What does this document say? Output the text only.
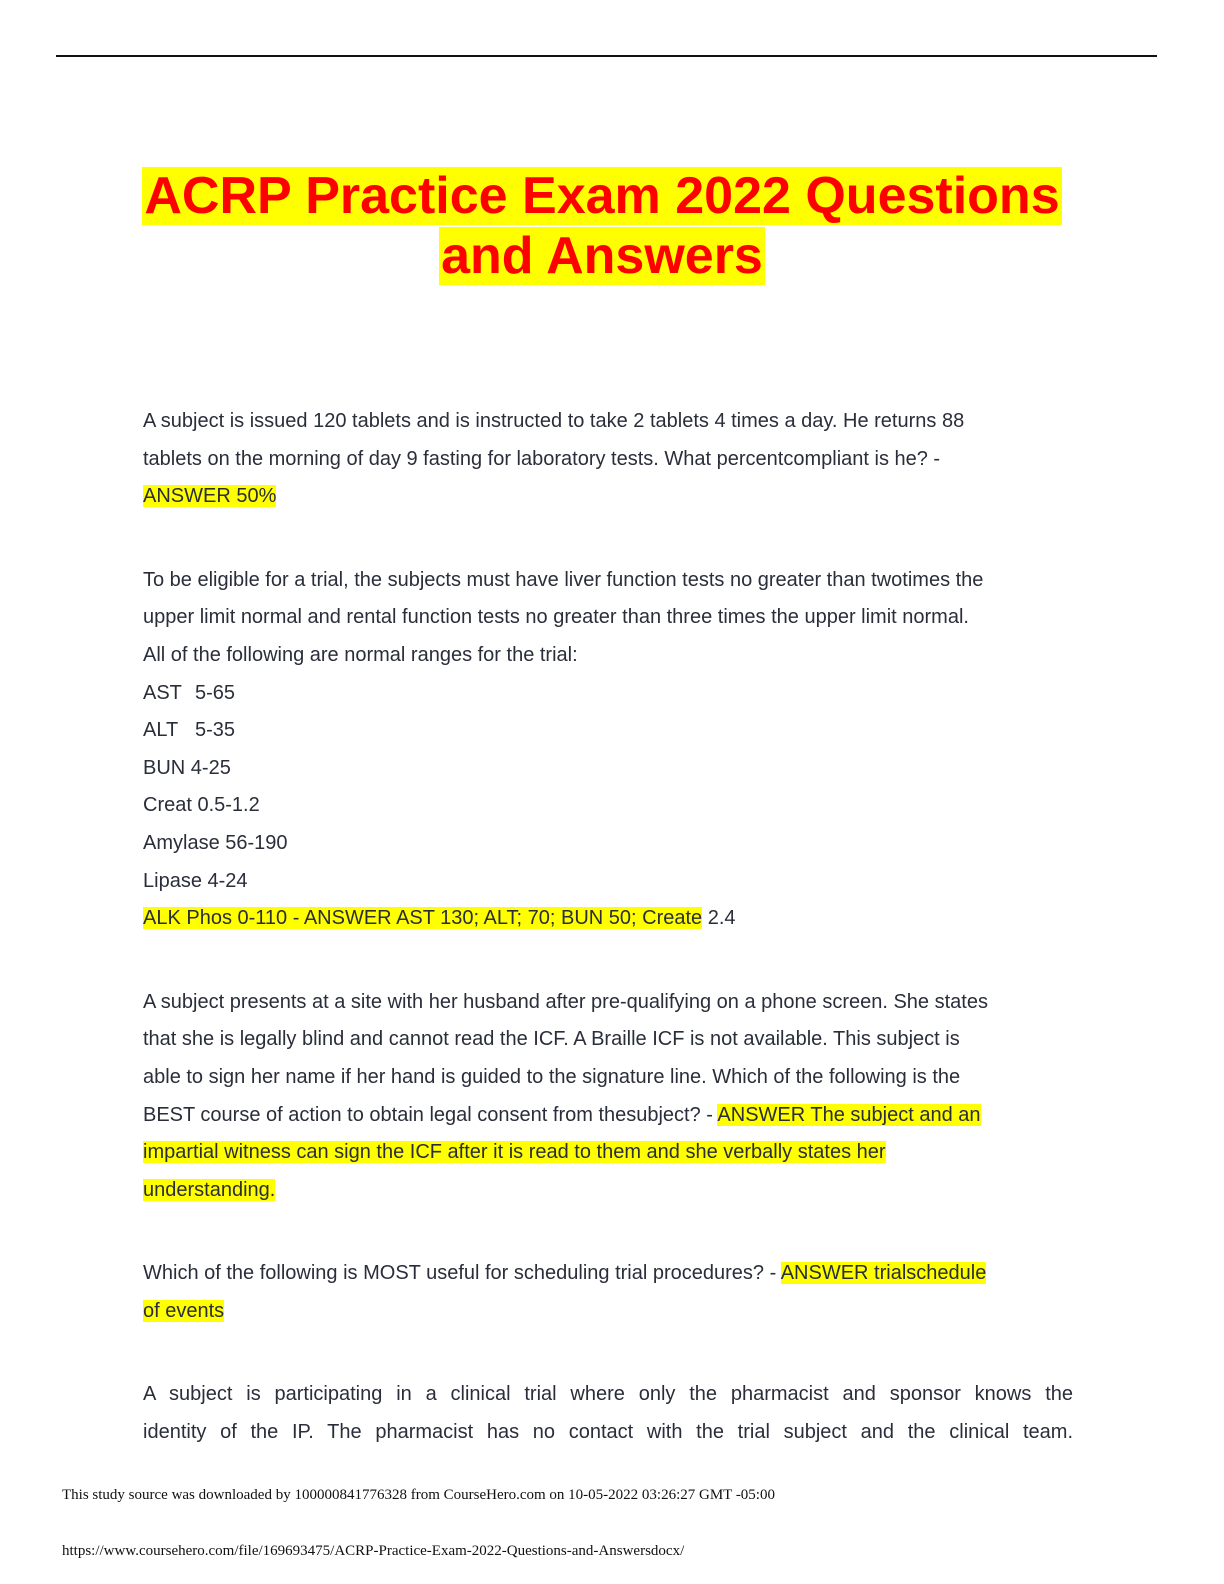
ACRP Practice Exam 2022 Questions
and Answers
A subject is issued 120 tablets and is instructed to take 2 tablets 4 times a day. He returns 88
tablets on the morning of day 9 fasting for laboratory tests. What percentcompliant is he? -
ANSWER 50%
To be eligible for a trial, the subjects must have liver function tests no greater than twotimes the
upper limit normal and rental function tests no greater than three times the upper limit normal.
All of the following are normal ranges for the trial:
AST 5-65
ALT 5-35
BUN 4-25
Creat 0.5-1.2
Amylase 56-190
Lipase 4-24
ALK Phos 0-110 - ANSWER AST 130; ALT; 70; BUN 50; Create 2.4
A subject presents at a site with her husband after pre-qualifying on a phone screen. She states
that she is legally blind and cannot read the ICF. A Braille ICF is not available. This subject is
able to sign her name if her hand is guided to the signature line. Which of the following is the
BEST course of action to obtain legal consent from thesubject? - ANSWER The subject and an
impartial witness can sign the ICF after it is read to them and she verbally states her
understanding.
Which of the following is MOST useful for scheduling trial procedures? - ANSWER trialschedule
of events
A subject is participating in a clinical trial where only the pharmacist and sponsor knows the
identity of the IP. The pharmacist has no contact with the trial subject and the clinical team.
This study source was downloaded by 100000841776328 from CourseHero.com on 10-05-2022 03:26:27 GMT -05:00
https://www.coursehero.com/file/169693475/ACRP-Practice-Exam-2022-Questions-and-Answersdocx/
